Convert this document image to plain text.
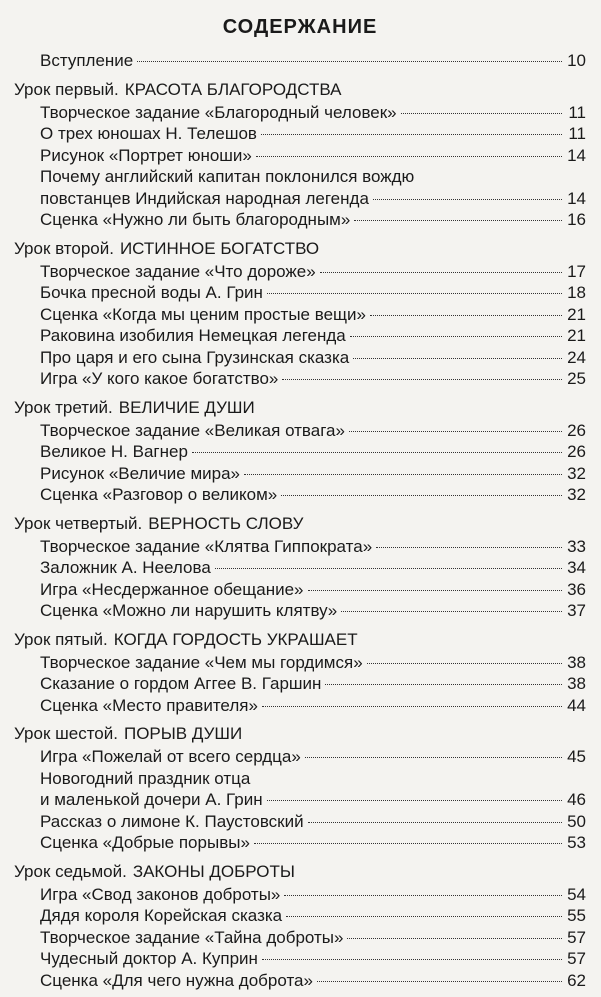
СОДЕРЖАНИЕ
Вступление	10
Урок первый. КРАСОТА БЛАГОРОДСТВА
Творческое задание «Благородный человек»	11
О трех юношах Н. Телешов	11
Рисунок «Портрет юноши»	14
Почему английский капитан поклонился вождю
повстанцев Индийская народная легенда	14
Сценка «Нужно ли быть благородным»	16
Урок второй. ИСТИННОЕ БОГАТСТВО
Творческое задание «Что дороже»	17
Бочка пресной воды А. Грин	18
Сценка «Когда мы ценим простые вещи»	21
Раковина изобилия Немецкая легенда	21
Про царя и его сына Грузинская сказка	24
Игра «У кого какое богатство»	25
Урок третий. ВЕЛИЧИЕ ДУШИ
Творческое задание «Великая отвага»	26
Великое Н. Вагнер	26
Рисунок «Величие мира»	32
Сценка «Разговор о великом»	32
Урок четвертый. ВЕРНОСТЬ СЛОВУ
Творческое задание «Клятва Гиппократа»	33
Заложник А. Неелова	34
Игра «Несдержанное обещание»	36
Сценка «Можно ли нарушить клятву»	37
Урок пятый. КОГДА ГОРДОСТЬ УКРАШАЕТ
Творческое задание «Чем мы гордимся»	38
Сказание о гордом Аггее В. Гаршин	38
Сценка «Место правителя»	44
Урок шестой. ПОРЫВ ДУШИ
Игра «Пожелай от всего сердца»	45
Новогодний праздник отца
и маленькой дочери А. Грин	46
Рассказ о лимоне К. Паустовский	50
Сценка «Добрые порывы»	53
Урок седьмой. ЗАКОНЫ ДОБРОТЫ
Игра «Свод законов доброты»	54
Дядя короля Корейская сказка	55
Творческое задание «Тайна доброты»	57
Чудесный доктор А. Куприн	57
Сценка «Для чего нужна доброта»	62
